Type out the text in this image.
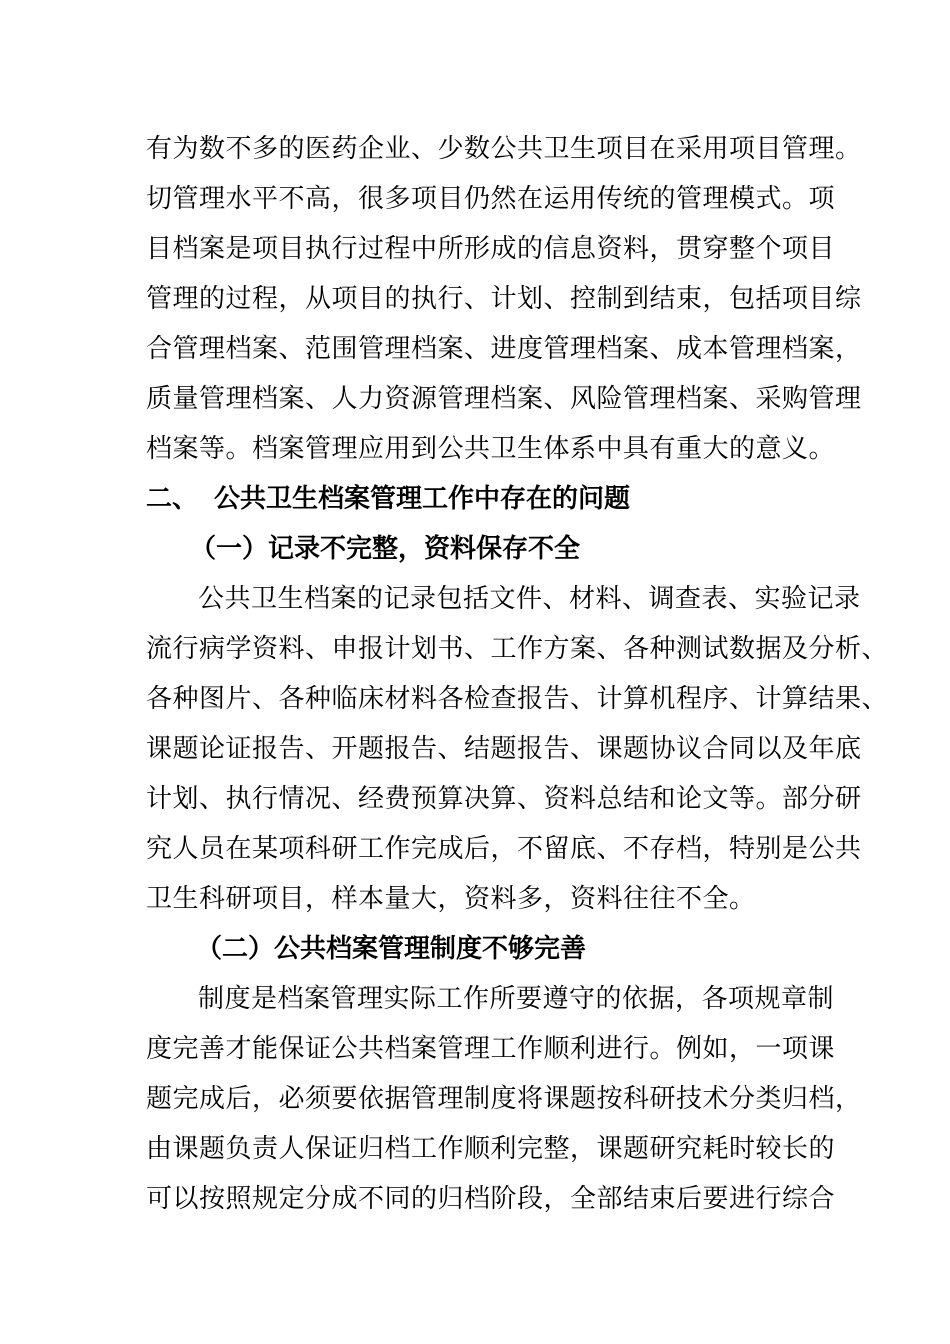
有为数不多的医药企业、少数公共卫生项目在采用项目管理。
切管理水平不高，很多项目仍然在运用传统的管理模式。项
目档案是项目执行过程中所形成的信息资料，贯穿整个项目
管理的过程，从项目的执行、计划、控制到结束，包括项目综
合管理档案、范围管理档案、进度管理档案、成本管理档案，
质量管理档案、人力资源管理档案、风险管理档案、采购管理
档案等。档案管理应用到公共卫生体系中具有重大的意义。
二、 公共卫生档案管理工作中存在的问题
（一）记录不完整，资料保存不全
公共卫生档案的记录包括文件、材料、调查表、实验记录
流行病学资料、申报计划书、工作方案、各种测试数据及分析、
各种图片、各种临床材料各检查报告、计算机程序、计算结果、
课题论证报告、开题报告、结题报告、课题协议合同以及年底
计划、执行情况、经费预算决算、资料总结和论文等。部分研
究人员在某项科研工作完成后，不留底、不存档，特别是公共
卫生科研项目，样本量大，资料多，资料往往不全。
（二）公共档案管理制度不够完善
制度是档案管理实际工作所要遵守的依据，各项规章制
度完善才能保证公共档案管理工作顺利进行。例如，一项课
题完成后，必须要依据管理制度将课题按科研技术分类归档，
由课题负责人保证归档工作顺利完整，课题研究耗时较长的
可以按照规定分成不同的归档阶段，全部结束后要进行综合
